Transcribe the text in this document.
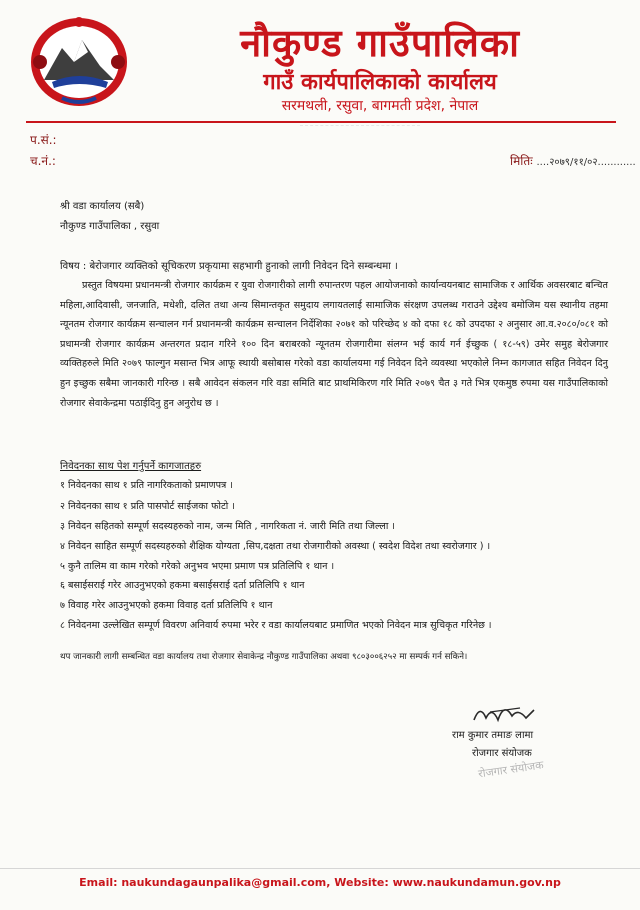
नौकुण्ड गाउँपालिका
गाउँ कार्यपालिकाको कार्यालय
सरमथली, रसुवा, बागमती प्रदेश, नेपाल
प.सं.:
च.नं.:	मितिः ....२०७९/११/०२............
श्री वडा कार्यालय (सबै)
नौकुण्ड गाउँपालिका , रसुवा
विषय : बेरोजगार व्यक्तिको सूचिकरण प्रकृयामा सहभागी हुनाको लागी निवेदन दिने सम्बन्धमा ।
प्रस्तुत विषयमा प्रधानमन्त्री रोजगार कार्यक्रम र युवा रोजगारीको लागी रुपान्तरण पहल आयोजनाको कार्यान्वयनबाट सामाजिक र आर्थिक अवसरबाट बन्चित महिला,आदिवासी, जनजाति, मधेशी, दलित तथा अन्य सिमान्तकृत समुदाय लगायतलाई सामाजिक संरक्षण उपलब्ध गराउने उद्देश्य बमोजिम यस स्थानीय तहमा न्यूनतम रोजगार कार्यक्रम सन्चालन गर्न प्रधानमन्त्री कार्यक्रम सन्चालन निर्देशिका २०७१ को परिच्छेद ४ को दफा १८ को उपदफा २ अनुसार आ.व.२०८०/०८१ को प्रधामन्त्री रोजगार कार्यक्रम अन्तरगत प्रदान गरिने १०० दिन बराबरको न्यूनतम रोजगारीमा संलग्न भई कार्य गर्न ईच्छुक ( १८-५९) उमेर समुह बेरोजगार व्यक्तिहरुले मिति २०७९ फाल्गुन मसान्त भित्र आफू स्थायी बसोबास गरेको वडा कार्यालयमा गई निवेदन दिने व्यवस्था भएकोले निम्न कागजात सहित निवेदन दिनु हुन इच्छुक सबैमा जानकारी गरिन्छ । सबै आवेदन संकलन गरि वडा समिति बाट प्राथमिकिरण गरि मिति २०७९ चैत ३ गते भित्र एकमुष्ठ रुपमा यस गाउँपालिकाको रोजगार सेवाकेन्द्रमा पठाईदिनु हुन अनुरोध छ ।
निवेदनका साथ पेश गर्नुपर्ने कागजातहरु
१ निवेदनका साथ १ प्रति नागरिकताको प्रमाणपत्र ।
२ निवेदनका साथ १ प्रति पासपोर्ट साईजका फोटो ।
३ निवेदन सहितको सम्पूर्ण सदस्यहरुको नाम, जन्म मिति , नागरिकता नं. जारी मिति तथा जिल्ला ।
४ निवेदन साहित सम्पूर्ण सदस्यहरुको शैक्षिक योग्यता ,सिप,दक्षता तथा रोजगारीको अवस्था ( स्वदेश विदेश तथा स्वरोजगार ) ।
५ कुनै तालिम वा काम गरेको गरेको अनुभव भएमा प्रमाण पत्र प्रतिलिपि १ थान ।
६ बसाईसराई गरेर आउनुभएको हकमा बसाईसराई दर्ता प्रतिलिपि १ थान
७ विवाह गरेर आउनुभएको हकमा विवाह दर्ता प्रतिलिपि १ थान
८ निवेदनमा उल्लेखित सम्पूर्ण विवरण अनिवार्य रुपमा भरेर र वडा कार्यालयबाट प्रमाणित भएको निवेदन मात्र सुचिकृत गरिनेछ ।
थप जानकारी लागी सम्बन्धित वडा कार्यालय तथा रोजगार सेवाकेन्द्र नौकुण्ड गाउँपालिका अथवा ९८०३००६२५२ मा सम्पर्क गर्न सकिने।
राम कुमार तमाङ लामा
रोजगार संयोजक
रोजगार संयोजक
Email: naukundagaunpalika@gmail.com, Website: www.naukundamun.gov.np
